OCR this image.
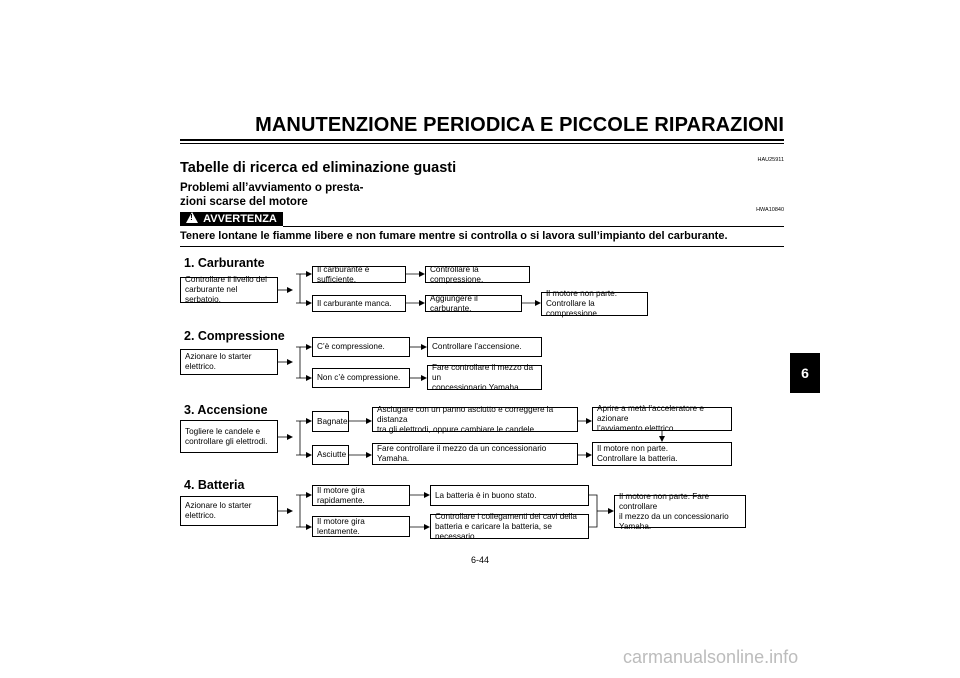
MANUTENZIONE PERIODICA E PICCOLE RIPARAZIONI
HAU25911
Tabelle di ricerca ed eliminazione guasti
Problemi all’avviamento o presta-
zioni scarse del motore
HWA10840
!AVVERTENZA
Tenere lontane le fiamme libere e non fumare mentre si controlla o si lavora sull’impianto del carburante.
1. Carburante
Controllare il livello del
carburante nel serbatoio.
Il carburante è sufficiente.
Controllare la compressione.
Il carburante manca.
Aggiungere il carburante.
Il motore non parte.
Controllare la compressione.
2. Compressione
Azionare lo starter elettrico.
C’è compressione.	Controllare l’accensione.
Non c’è compressione.
Fare controllare il mezzo da un
concessionario Yamaha.
3. Accensione
Togliere le candele e
controllare gli elettrodi.
Bagnate
Asciugare con un panno asciutto e correggere la distanza
tra gli elettrodi, oppure cambiare le candele.
Aprire a metà l’acceleratore e azionare
l’avviamento elettrico.
Asciutte
Fare controllare il mezzo da un concessionario Yamaha.
Il motore non parte.
Controllare la batteria.
4. Batteria
Azionare lo starter elettrico.
Il motore gira rapidamente.
La batteria è in buono stato.
Il motore gira lentamente.
Controllare i collegamenti dei cavi della
batteria e caricare la batteria, se necessario.
Il motore non parte. Fare controllare
il mezzo da un concessionario
Yamaha.
6
6-44
carmanualsonline.info
